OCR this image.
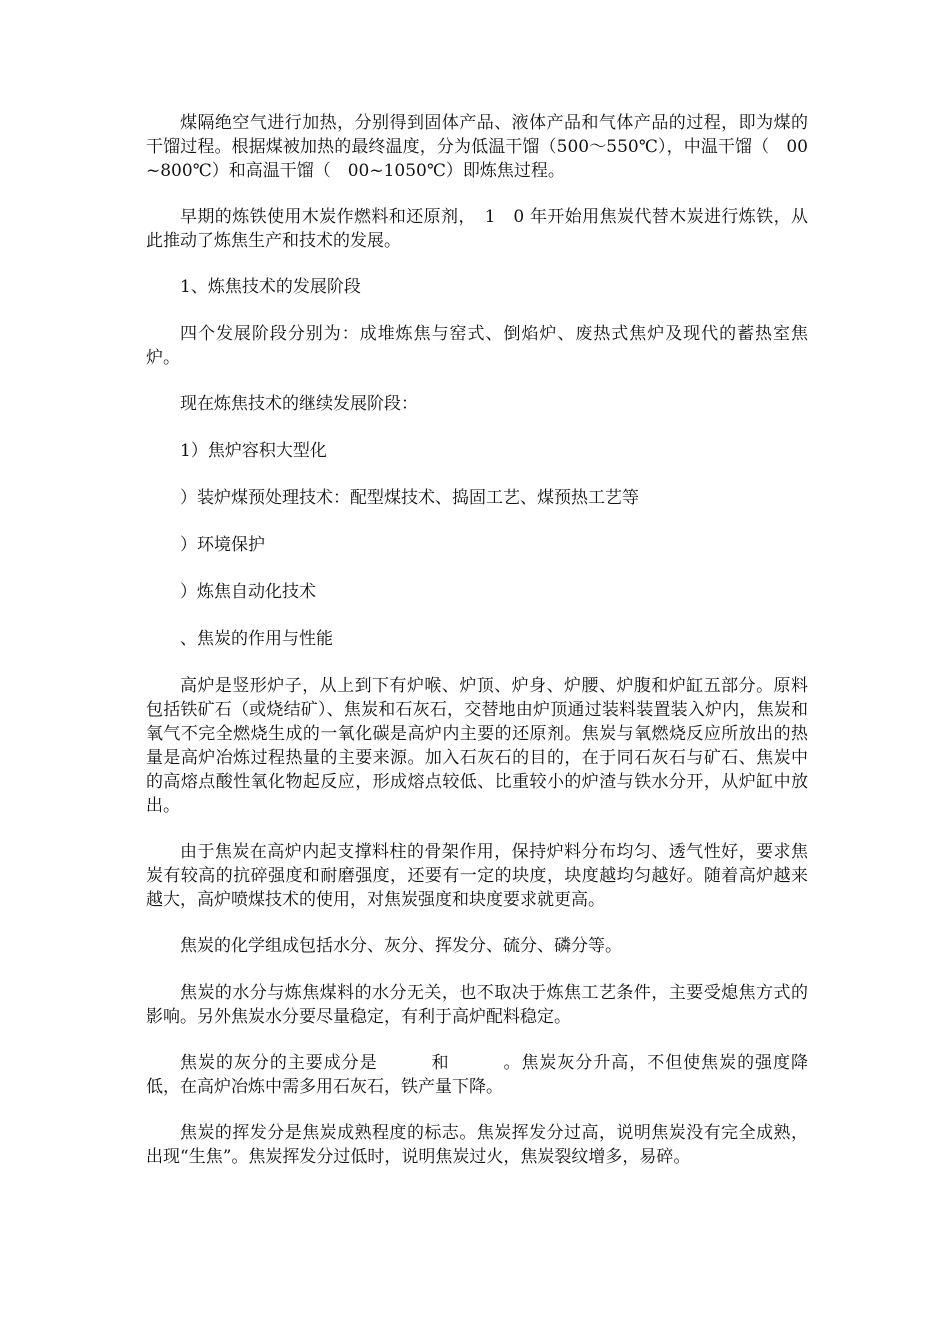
煤隔绝空气进行加热，分别得到固体产品、液体产品和气体产品的过程，即为煤的干馏过程。根据煤被加热的最终温度，分为低温干馏（500～550℃），中温干馏（　00~800℃）和高温干馏（　00~1050℃）即炼焦过程。

早期的炼铁使用木炭作燃料和还原剂，　1　0 年开始用焦炭代替木炭进行炼铁，从此推动了炼焦生产和技术的发展。

1、炼焦技术的发展阶段

四个发展阶段分别为：成堆炼焦与窑式、倒焰炉、废热式焦炉及现代的蓄热室焦炉。

现在炼焦技术的继续发展阶段：

1）焦炉容积大型化

）装炉煤预处理技术：配型煤技术、捣固工艺、煤预热工艺等

）环境保护

）炼焦自动化技术

、焦炭的作用与性能

高炉是竖形炉子，从上到下有炉喉、炉顶、炉身、炉腰、炉腹和炉缸五部分。原料包括铁矿石（或烧结矿）、焦炭和石灰石，交替地由炉顶通过装料装置装入炉内，焦炭和氧气不完全燃烧生成的一氧化碳是高炉内主要的还原剂。焦炭与氧燃烧反应所放出的热量是高炉冶炼过程热量的主要来源。加入石灰石的目的，在于同石灰石与矿石、焦炭中的高熔点酸性氧化物起反应，形成熔点较低、比重较小的炉渣与铁水分开，从炉缸中放出。

由于焦炭在高炉内起支撑料柱的骨架作用，保持炉料分布均匀、透气性好，要求焦炭有较高的抗碎强度和耐磨强度，还要有一定的块度，块度越均匀越好。随着高炉越来越大，高炉喷煤技术的使用，对焦炭强度和块度要求就更高。

焦炭的化学组成包括水分、灰分、挥发分、硫分、磷分等。

焦炭的水分与炼焦煤料的水分无关，也不取决于炼焦工艺条件，主要受熄焦方式的影响。另外焦炭水分要尽量稳定，有利于高炉配料稳定。

焦炭的灰分的主要成分是　　　和　　　。焦炭灰分升高，不但使焦炭的强度降低，在高炉冶炼中需多用石灰石，铁产量下降。

焦炭的挥发分是焦炭成熟程度的标志。焦炭挥发分过高，说明焦炭没有完全成熟，出现“生焦”。焦炭挥发分过低时，说明焦炭过火，焦炭裂纹增多，易碎。
